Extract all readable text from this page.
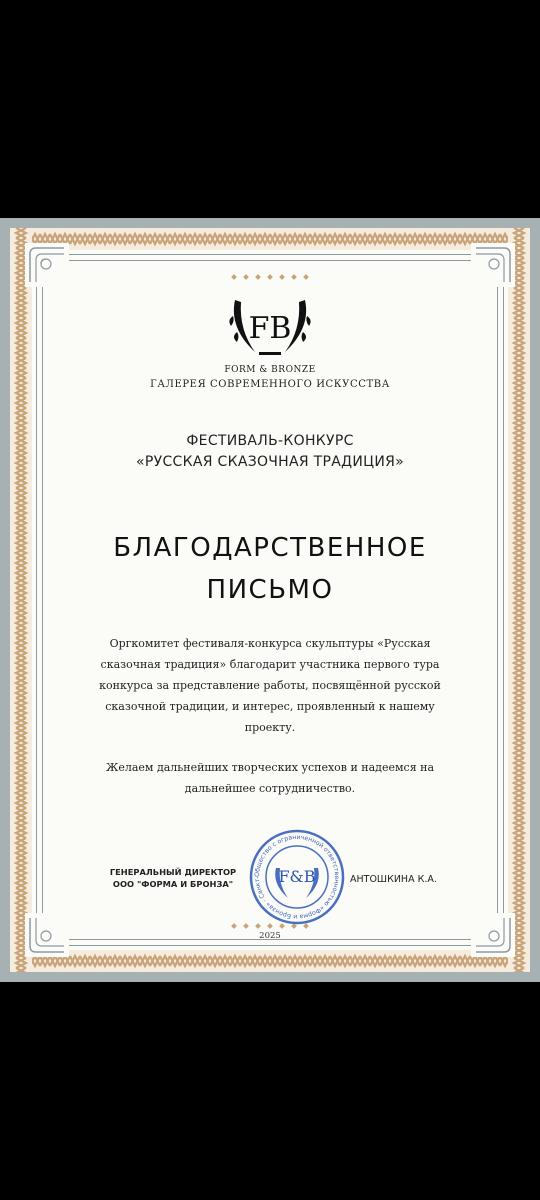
FB
FORM & BRONZE
ГАЛЕРЕЯ СОВРЕМЕННОГО ИСКУССТВА
ФЕСТИВАЛЬ-КОНКУРС
«РУССКАЯ СКАЗОЧНАЯ ТРАДИЦИЯ»
БЛАГОДАРСТВЕННОЕ
ПИСЬМО
Оргкомитет фестиваля-конкурса скульптуры «Русская
сказочная традиция» благодарит участника первого тура
конкурса за представление работы, посвящённой русской
сказочной традиции, и интерес, проявленный к нашему
проекту.
Желаем дальнейших творческих успехов и надеемся на
дальнейшее сотрудничество.
ГЕНЕРАЛЬНЫЙ ДИРЕКТОР
ООО "ФОРМА И БРОНЗА"
Общество с ограниченной ответственностью «Форма и Бронза» · Санкт-	F&B	АНТОШКИНА К.А.
2025
